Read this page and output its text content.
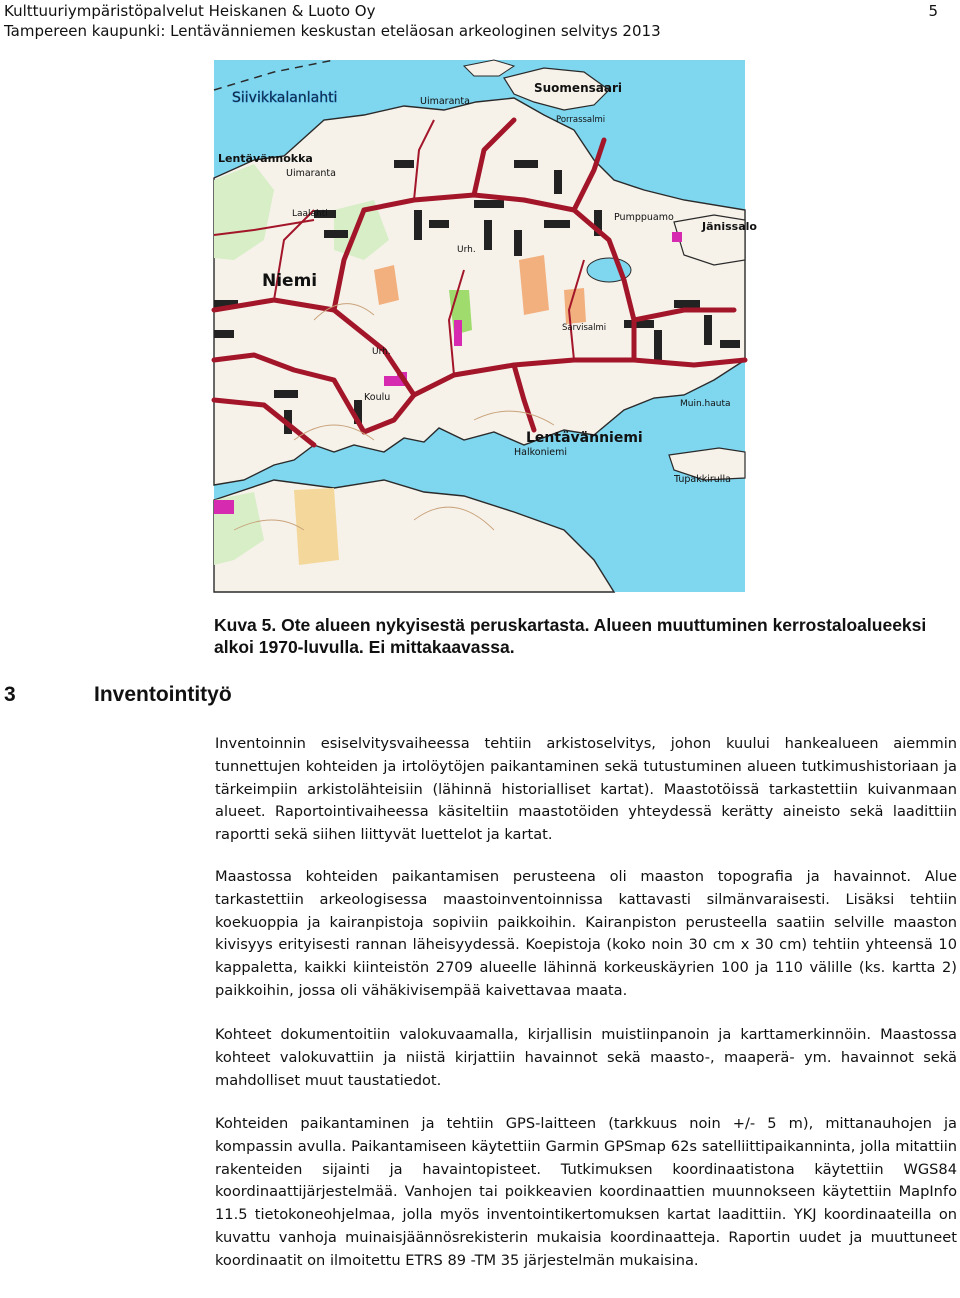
Kulttuuriympäristöpalvelut Heiskanen & Luoto Oy
Tampereen kaupunki: Lentävänniemen keskustan eteläosan arkeologinen selvitys 2013
5
Siivikkalanlahti	Uimaranta
Suomensaari
Porrassalmi
Lentävännokka
Uimaranta
Laalahti	Pumppuamo
Jänissalo
Urh.
Niemi
Sarvisalmi
Urh.
Koulu
Muin.hauta
Lentävänniemi
Halkoniemi
Tupakkirulla
Kuva 5. Ote alueen nykyisestä peruskartasta. Alueen muuttuminen kerrostaloalueeksi alkoi 1970-luvulla. Ei mittakaavassa.
3	Inventointityö

Inventoinnin esiselvitysvaiheessa tehtiin arkistoselvitys, johon kuului hankealueen aiemmin tunnettujen kohteiden ja irtolöytöjen paikantaminen sekä tutustuminen alueen tutkimushistoriaan ja tärkeimpiin arkistolähteisiin (lähinnä historialliset kartat). Maastotöissä tarkastettiin kuivanmaan alueet. Raportointivaiheessa käsiteltiin maastotöiden yhteydessä kerätty aineisto sekä laadittiin raportti sekä siihen liittyvät luettelot ja kartat.

Maastossa kohteiden paikantamisen perusteena oli maaston topografia ja havainnot. Alue tarkastettiin arkeologisessa maastoinventoinnissa kattavasti silmänvaraisesti. Lisäksi tehtiin koekuoppia ja kairanpistoja sopiviin paikkoihin. Kairanpiston perusteella saatiin selville maaston kivisyys erityisesti rannan läheisyydessä. Koepistoja (koko noin 30 cm x 30 cm) tehtiin yhteensä 10 kappaletta, kaikki kiinteistön 2709 alueelle lähinnä korkeuskäyrien 100 ja 110 välille (ks. kartta 2) paikkoihin, jossa oli vähäkivisempää kaivettavaa maata.

Kohteet dokumentoitiin valokuvaamalla, kirjallisin muistiinpanoin ja karttamerkinnöin. Maastossa kohteet valokuvattiin ja niistä kirjattiin havainnot sekä maasto-, maaperä- ym. havainnot sekä mahdolliset muut taustatiedot.

Kohteiden paikantaminen ja tehtiin GPS-laitteen (tarkkuus noin +/- 5 m), mittanauhojen ja kompassin avulla. Paikantamiseen käytettiin Garmin GPSmap 62s satelliittipaikanninta, jolla mitattiin rakenteiden sijainti ja havaintopisteet. Tutkimuksen koordinaatistona käytettiin WGS84 koordinaattijärjestelmää. Vanhojen tai poikkeavien koordinaattien muunnokseen käytettiin MapInfo 11.5 tietokoneohjelmaa, jolla myös inventointikertomuksen kartat laadittiin. YKJ koordinaateilla on kuvattu vanhoja muinaisjäännösrekisterin mukaisia koordinaatteja. Raportin uudet ja muuttuneet koordinaatit on ilmoitettu ETRS 89 -TM 35 järjestelmän mukaisina.
